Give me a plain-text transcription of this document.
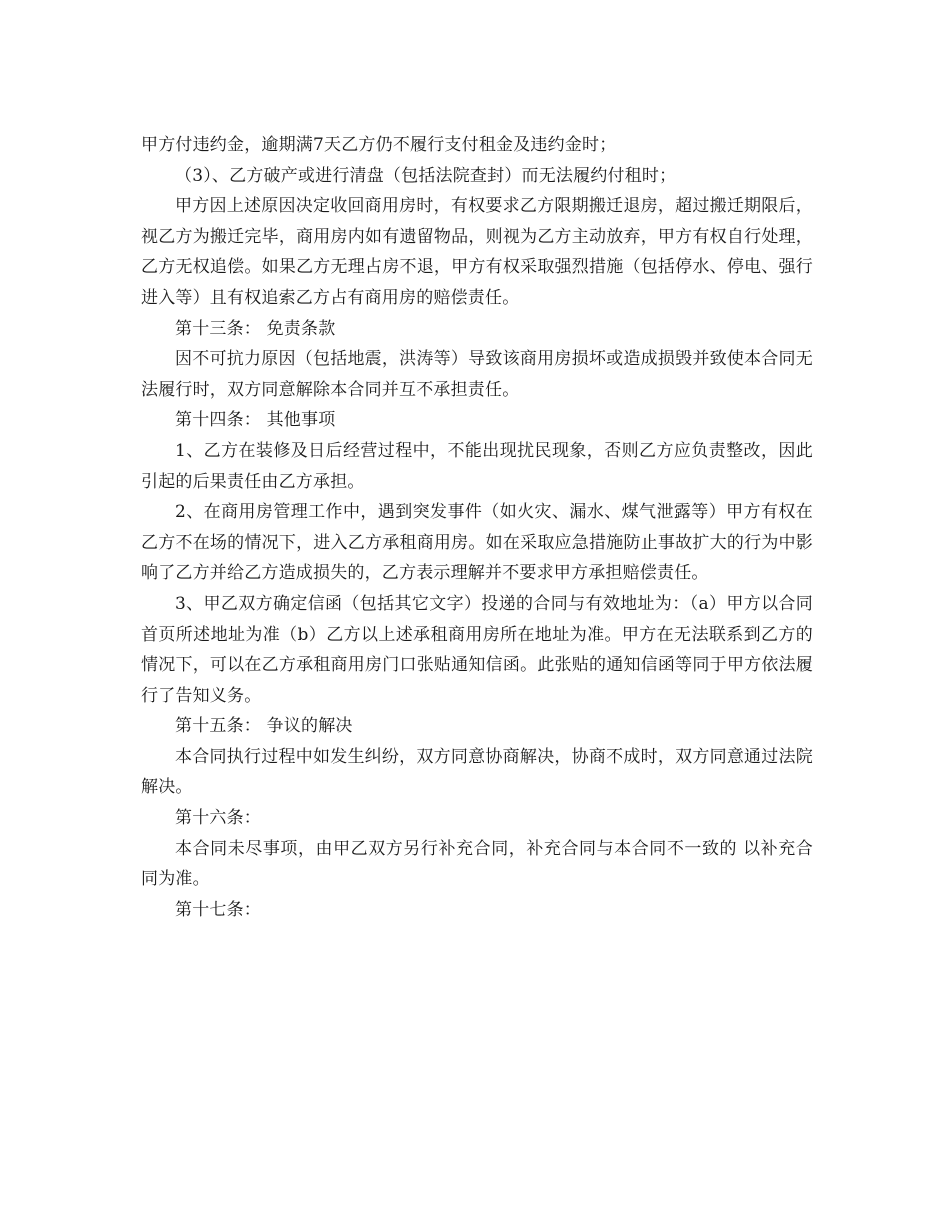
甲方付违约金，逾期满7天乙方仍不履行支付租金及违约金时；

（3）、乙方破产或进行清盘（包括法院查封）而无法履约付租时；

甲方因上述原因决定收回商用房时，有权要求乙方限期搬迁退房，超过搬迁期限后，视乙方为搬迁完毕，商用房内如有遗留物品，则视为乙方主动放弃，甲方有权自行处理，乙方无权追偿。如果乙方无理占房不退，甲方有权采取强烈措施（包括停水、停电、强行进入等）且有权追索乙方占有商用房的赔偿责任。

第十三条： 免责条款

因不可抗力原因（包括地震，洪涛等）导致该商用房损坏或造成损毁并致使本合同无法履行时，双方同意解除本合同并互不承担责任。

第十四条： 其他事项

1、乙方在装修及日后经营过程中，不能出现扰民现象，否则乙方应负责整改，因此引起的后果责任由乙方承担。

2、在商用房管理工作中，遇到突发事件（如火灾、漏水、煤气泄露等）甲方有权在乙方不在场的情况下，进入乙方承租商用房。如在采取应急措施防止事故扩大的行为中影响了乙方并给乙方造成损失的，乙方表示理解并不要求甲方承担赔偿责任。

3、甲乙双方确定信函（包括其它文字）投递的合同与有效地址为：（a）甲方以合同首页所述地址为准（b）乙方以上述承租商用房所在地址为准。甲方在无法联系到乙方的情况下，可以在乙方承租商用房门口张贴通知信函。此张贴的通知信函等同于甲方依法履行了告知义务。

第十五条： 争议的解决

本合同执行过程中如发生纠纷，双方同意协商解决，协商不成时，双方同意通过法院解决。

第十六条：

本合同未尽事项，由甲乙双方另行补充合同，补充合同与本合同不一致的 以补充合同为准。

第十七条：
